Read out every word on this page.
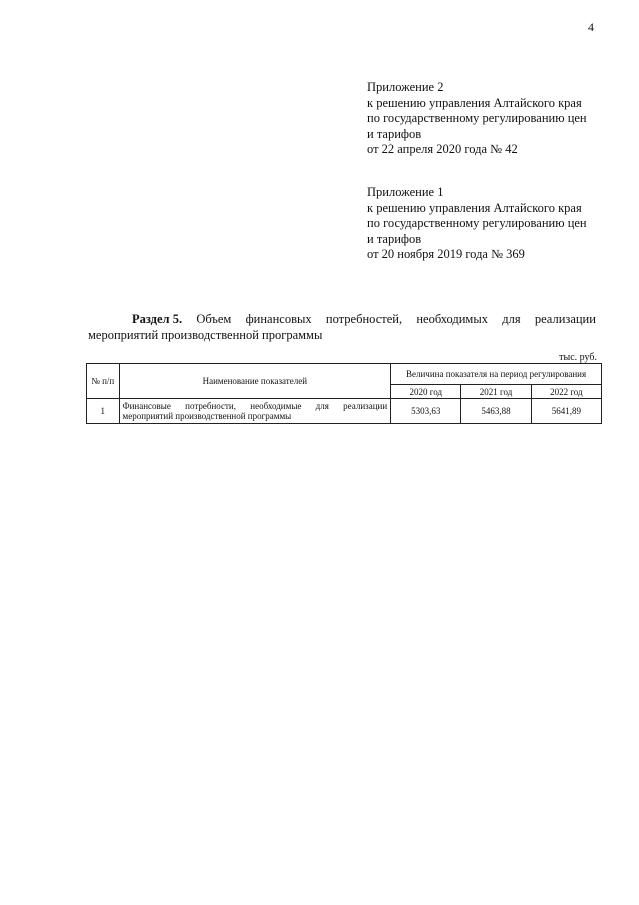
4
Приложение 2
к решению управления Алтайского края
по государственному регулированию цен
и тарифов
от 22 апреля 2020 года № 42
Приложение 1
к решению управления Алтайского края
по государственному регулированию цен
и тарифов
от 20 ноября 2019 года № 369
Раздел 5. Объем финансовых потребностей, необходимых для реализации
мероприятий производственной программы
тыс. руб.
№ п/п	Наименование показателей	Величина показателя на период регулирования		
		2020 год	2021 год	2022 год
1	Финансовые потребности, необходимые для реализации
мероприятий производственной программы	5303,63	5463,88	5641,89
